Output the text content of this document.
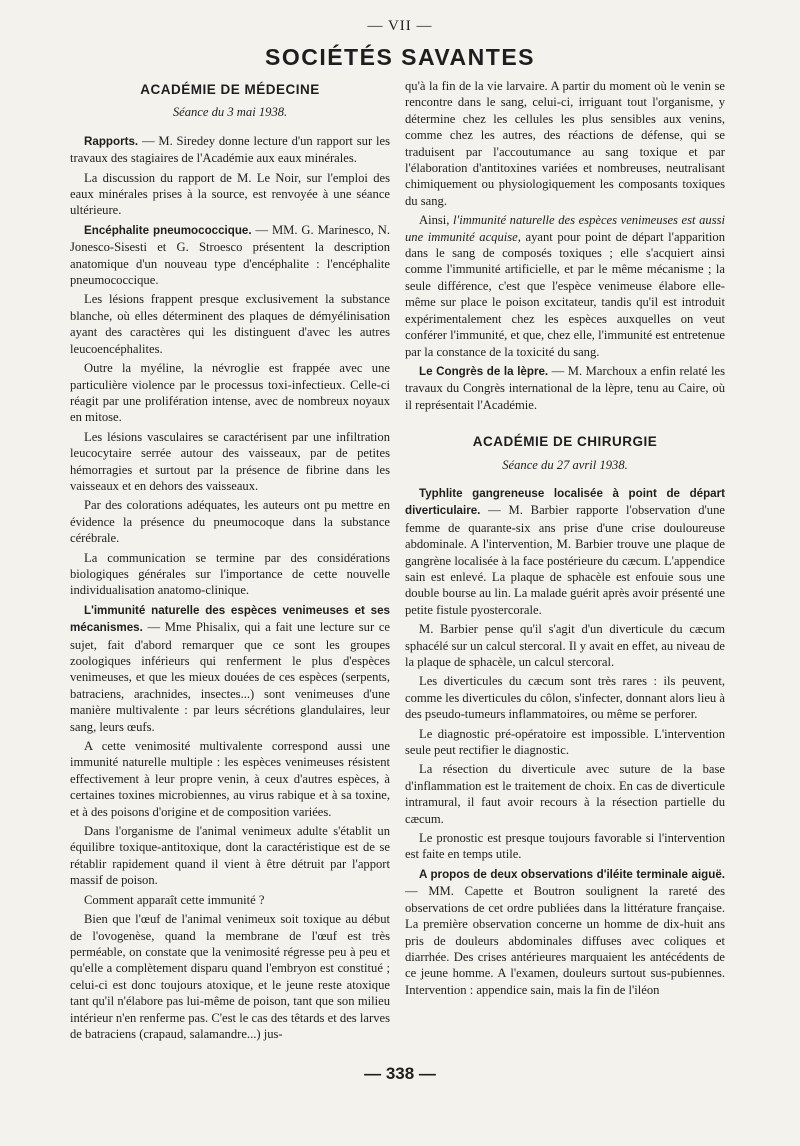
— VII —
SOCIÉTÉS SAVANTES
ACADÉMIE DE MÉDECINE
Séance du 3 mai 1938.

Rapports. — M. Siredey donne lecture d'un rapport sur les travaux des stagiaires de l'Académie aux eaux minérales.

La discussion du rapport de M. Le Noir, sur l'emploi des eaux minérales prises à la source, est renvoyée à une séance ultérieure.

Encéphalite pneumococcique. — MM. G. Marinesco, N. Jonesco-Sisesti et G. Stroesco présentent la description anatomique d'un nouveau type d'encéphalite : l'encéphalite pneumococcique.

Les lésions frappent presque exclusivement la substance blanche, où elles déterminent des plaques de démyélinisation ayant des caractères qui les distinguent d'avec les autres leucoencéphalites.

Outre la myéline, la névroglie est frappée avec une particulière violence par le processus toxi-infectieux. Celle-ci réagit par une prolifération intense, avec de nombreux noyaux en mitose.

Les lésions vasculaires se caractérisent par une infiltration leucocytaire serrée autour des vaisseaux, par de petites hémorragies et surtout par la présence de fibrine dans les vaisseaux et en dehors des vaisseaux.

Par des colorations adéquates, les auteurs ont pu mettre en évidence la présence du pneumocoque dans la substance cérébrale.

La communication se termine par des considérations biologiques générales sur l'importance de cette nouvelle individualisation anatomo-clinique.

L'immunité naturelle des espèces venimeuses et ses mécanismes. — Mme Phisalix, qui a fait une lecture sur ce sujet, fait d'abord remarquer que ce sont les groupes zoologiques inférieurs qui renferment le plus d'espèces venimeuses, et que les mieux douées de ces espèces (serpents, batraciens, arachnides, insectes...) sont venimeuses d'une manière multivalente : par leurs sécrétions glandulaires, leur sang, leurs œufs.

A cette venimosité multivalente correspond aussi une immunité naturelle multiple : les espèces venimeuses résistent effectivement à leur propre venin, à ceux d'autres espèces, à certaines toxines microbiennes, au virus rabique et à sa toxine, et à des poisons d'origine et de composition variées.

Dans l'organisme de l'animal venimeux adulte s'établit un équilibre toxique-antitoxique, dont la caractéristique est de se rétablir rapidement quand il vient à être détruit par l'apport massif de poison.

Comment apparaît cette immunité ?

Bien que l'œuf de l'animal venimeux soit toxique au début de l'ovogenèse, quand la membrane de l'œuf est très perméable, on constate que la venimosité régresse peu à peu et qu'elle a complètement disparu quand l'embryon est constitué ; celui-ci est donc toujours atoxique, et le jeune reste atoxique tant qu'il n'élabore pas lui-même de poison, tant que son milieu intérieur n'en renferme pas. C'est le cas des têtards et des larves de batraciens (crapaud, salamandre...) jus-

qu'à la fin de la vie larvaire. A partir du moment où le venin se rencontre dans le sang, celui-ci, irriguant tout l'organisme, y détermine chez les cellules les plus sensibles aux venins, comme chez les autres, des réactions de défense, qui se traduisent par l'accoutumance au sang toxique et par l'élaboration d'antitoxines variées et nombreuses, neutralisant chimiquement ou physiologiquement les composants toxiques du sang.

Ainsi, l'immunité naturelle des espèces venimeuses est aussi une immunité acquise, ayant pour point de départ l'apparition dans le sang de composés toxiques ; elle s'acquiert ainsi comme l'immunité artificielle, et par le même mécanisme ; la seule différence, c'est que l'espèce venimeuse élabore elle-même sur place le poison excitateur, tandis qu'il est introduit expérimentalement chez les espèces auxquelles on veut conférer l'immunité, et que, chez elle, l'immunité est entretenue par la constance de la toxicité du sang.

Le Congrès de la lèpre. — M. Marchoux a enfin relaté les travaux du Congrès international de la lèpre, tenu au Caire, où il représentait l'Académie.

ACADÉMIE DE CHIRURGIE
Séance du 27 avril 1938.

Typhlite gangreneuse localisée à point de départ diverticulaire. — M. Barbier rapporte l'observation d'une femme de quarante-six ans prise d'une crise douloureuse abdominale. A l'intervention, M. Barbier trouve une plaque de gangrène localisée à la face postérieure du cæcum. L'appendice sain est enlevé. La plaque de sphacèle est enfouie sous une double bourse au lin. La malade guérit après avoir présenté une petite fistule pyostercorale.

M. Barbier pense qu'il s'agit d'un diverticule du cæcum sphacélé sur un calcul stercoral. Il y avait en effet, au niveau de la plaque de sphacèle, un calcul stercoral.

Les diverticules du cæcum sont très rares : ils peuvent, comme les diverticules du côlon, s'infecter, donnant alors lieu à des pseudo-tumeurs inflammatoires, ou même se perforer.

Le diagnostic pré-opératoire est impossible. L'intervention seule peut rectifier le diagnostic.

La résection du diverticule avec suture de la base d'inflammation est le traitement de choix. En cas de diverticule intramural, il faut avoir recours à la résection partielle du cæcum.

Le pronostic est presque toujours favorable si l'intervention est faite en temps utile.

A propos de deux observations d'iléite terminale aiguë. — MM. Capette et Boutron soulignent la rareté des observations de cet ordre publiées dans la littérature française. La première observation concerne un homme de dix-huit ans pris de douleurs abdominales diffuses avec coliques et diarrhée. Des crises antérieures marquaient les antécédents de ce jeune homme. A l'examen, douleurs surtout sus-pubiennes. Intervention : appendice sain, mais la fin de l'iléon

— 338 —
